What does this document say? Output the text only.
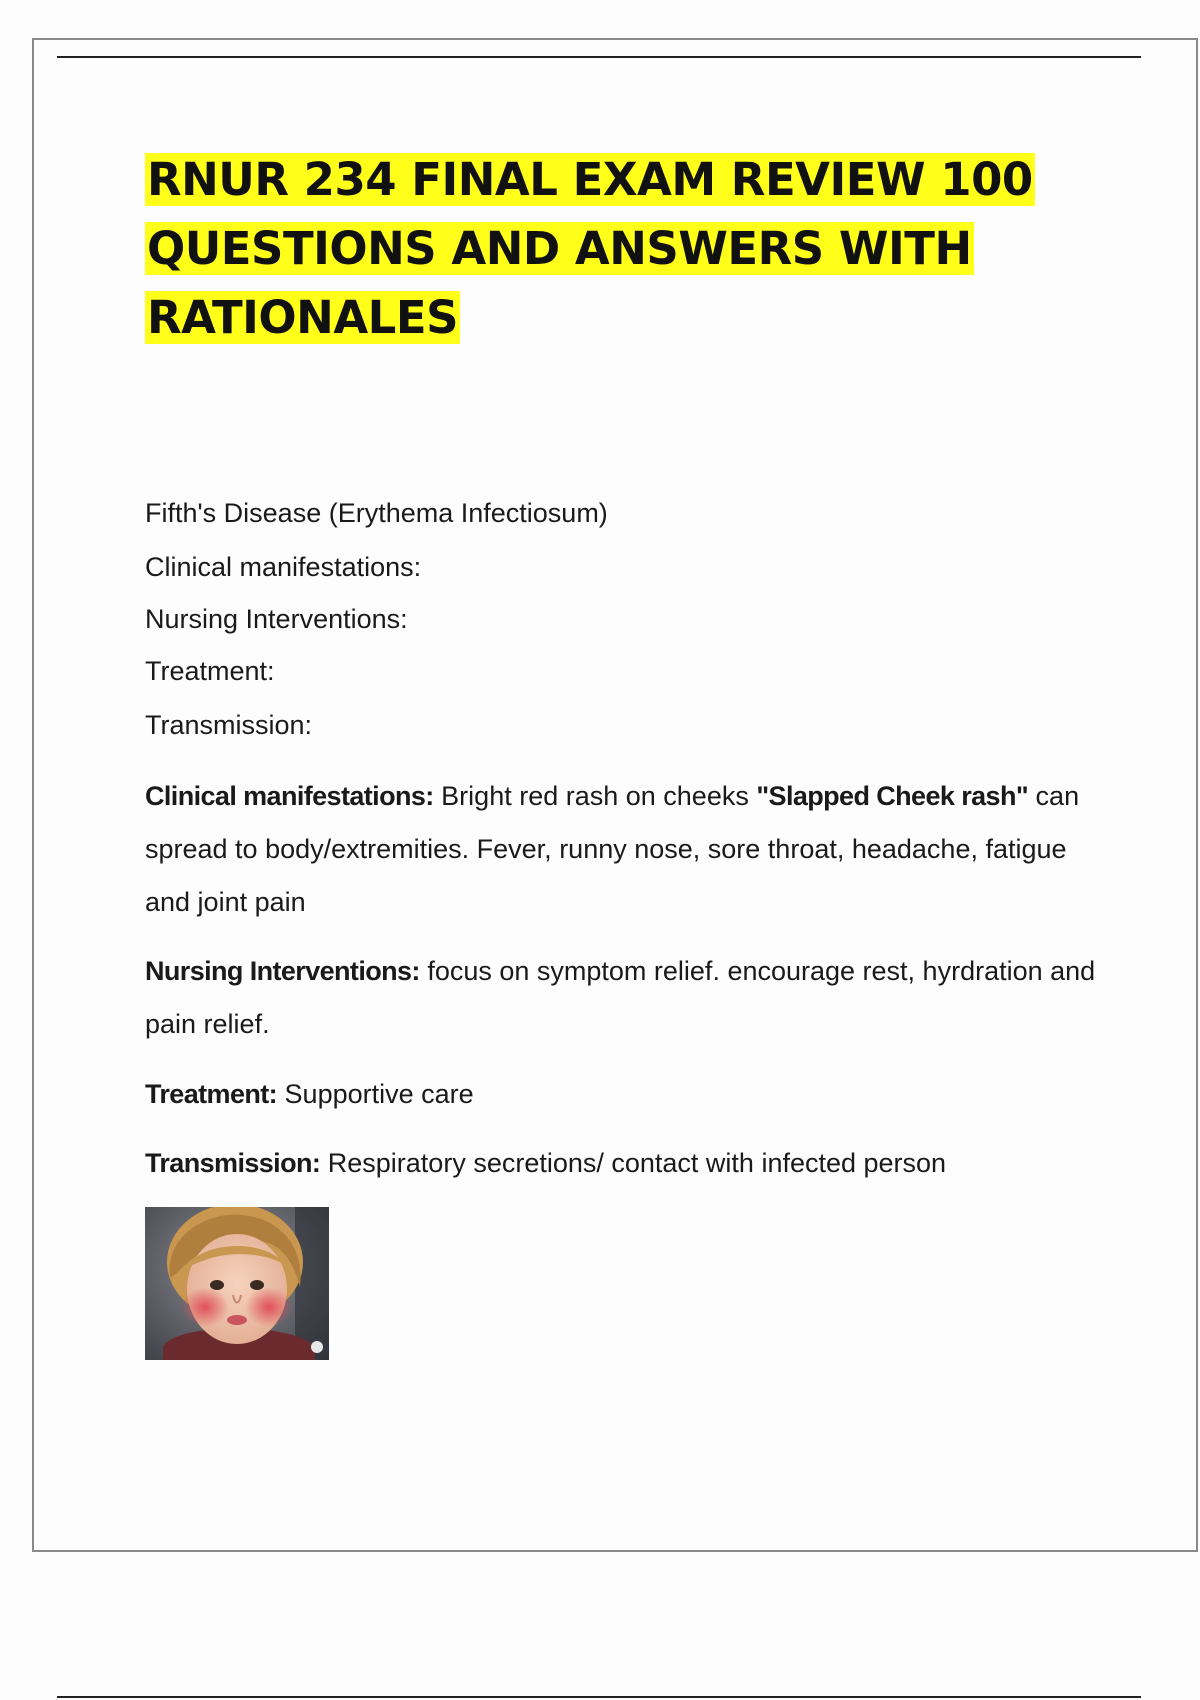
RNUR 234 FINAL EXAM REVIEW 100 QUESTIONS AND ANSWERS WITH RATIONALES

Fifth's Disease (Erythema Infectiosum)

Clinical manifestations:

Nursing Interventions:

Treatment:

Transmission:

Clinical manifestations: Bright red rash on cheeks "Slapped Cheek rash" can spread to body/extremities. Fever, runny nose, sore throat, headache, fatigue and joint pain

Nursing Interventions: focus on symptom relief. encourage rest, hyrdration and pain relief.

Treatment: Supportive care

Transmission: Respiratory secretions/ contact with infected person
